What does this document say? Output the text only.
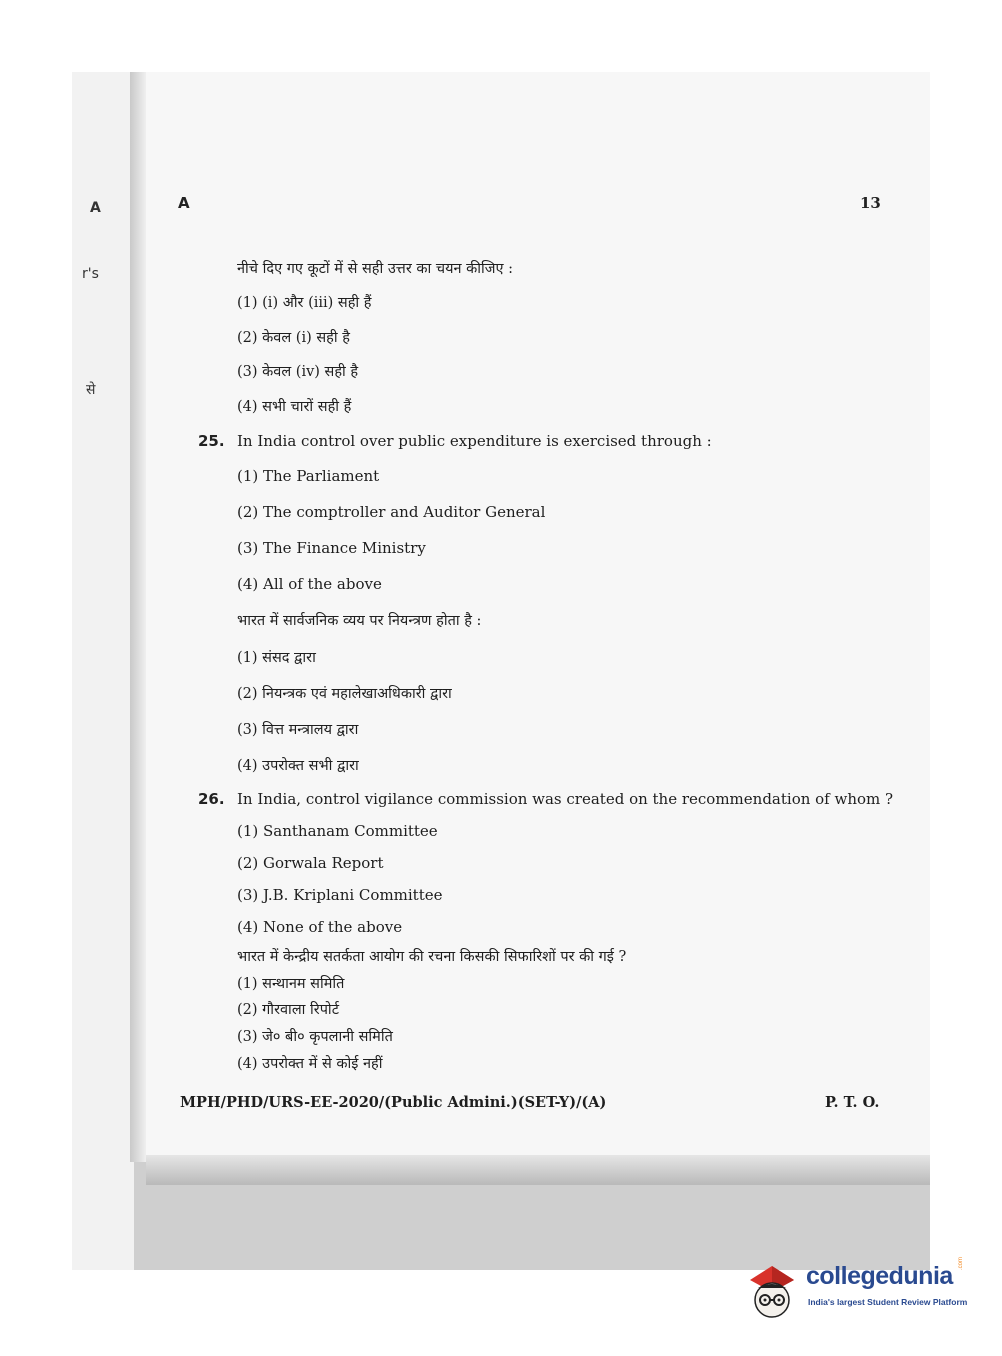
A
r's
से
A	13
नीचे दिए गए कूटों में से सही उत्तर का चयन कीजिए :
(1) (i) और (iii) सही हैं
(2) केवल (i) सही है
(3) केवल (iv) सही है
(4) सभी चारों सही हैं
25. In India control over public expenditure is exercised through :
(1) The Parliament
(2) The comptroller and Auditor General
(3) The Finance Ministry
(4) All of the above
भारत में सार्वजनिक व्यय पर नियन्त्रण होता है :
(1) संसद द्वारा
(2) नियन्त्रक एवं महालेखाअधिकारी द्वारा
(3) वित्त मन्त्रालय द्वारा
(4) उपरोक्त सभी द्वारा
26. In India, control vigilance commission was created on the recommendation of whom ?
(1) Santhanam Committee
(2) Gorwala Report
(3) J.B. Kriplani Committee
(4) None of the above
भारत में केन्द्रीय सतर्कता आयोग की रचना किसकी सिफारिशों पर की गई ?
(1) सन्थानम समिति
(2) गौरवाला रिपोर्ट
(3) जे० बी० कृपलानी समिति
(4) उपरोक्त में से कोई नहीं
MPH/PHD/URS-EE-2020/(Public Admini.)(SET-Y)/(A)	P. T. O.
collegedunia .com
India's largest Student Review Platform
